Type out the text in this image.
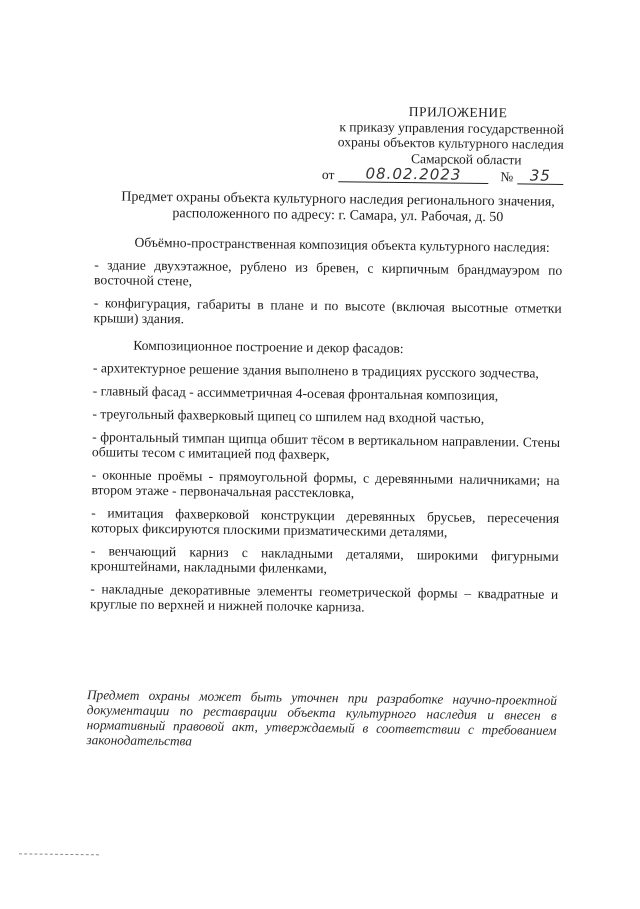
ПРИЛОЖЕНИЕ
к приказу управления государственной
охраны объектов культурного наследия
Самарской области
от	08.02.2023	№	35
Предмет охраны объекта культурного наследия регионального значения, расположенного по адресу: г. Самара, ул. Рабочая, д. 50

Объёмно-пространственная композиция объекта культурного наследия:

- здание двухэтажное, рублено из бревен, с кирпичным брандмауэром по восточной стене,

- конфигурация, габариты в плане и по высоте (включая высотные отметки крыши) здания.

Композиционное построение и декор фасадов:

- архитектурное решение здания выполнено в традициях русского зодчества,

- главный фасад - ассимметричная 4-осевая фронтальная композиция,

- треугольный фахверковый щипец со шпилем над входной частью,

- фронтальный тимпан щипца обшит тёсом в вертикальном направлении. Стены обшиты тесом с имитацией под фахверк,

- оконные проёмы - прямоугольной формы, с деревянными наличниками; на втором этаже - первоначальная расстекловка,

- имитация фахверковой конструкции деревянных брусьев, пересечения которых фиксируются плоскими призматическими деталями,

- венчающий карниз с накладными деталями, широкими фигурными кронштейнами, накладными филенками,

- накладные декоративные элементы геометрической формы – квадратные и круглые по верхней и нижней полочке карниза.

Предмет охраны может быть уточнен при разработке научно-проектной документации по реставрации объекта культурного наследия и внесен в нормативный правовой акт, утверждаемый в соответствии с требованием законодательства
